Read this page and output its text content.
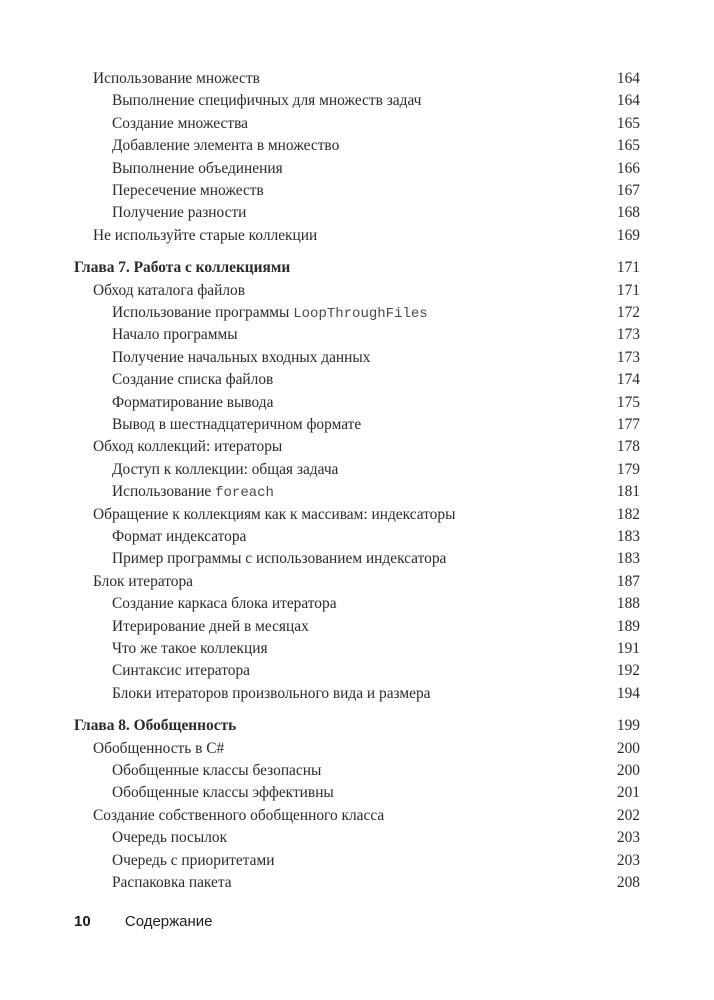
Использование множеств	164
Выполнение специфичных для множеств задач	164
Создание множества	165
Добавление элемента в множество	165
Выполнение объединения	166
Пересечение множеств	167
Получение разности	168
Не используйте старые коллекции	169
Глава 7. Работа с коллекциями	171
Обход каталога файлов	171
Использование программы LoopThroughFiles	172
Начало программы	173
Получение начальных входных данных	173
Создание списка файлов	174
Форматирование вывода	175
Вывод в шестнадцатеричном формате	177
Обход коллекций: итераторы	178
Доступ к коллекции: общая задача	179
Использование foreach	181
Обращение к коллекциям как к массивам: индексаторы	182
Формат индексатора	183
Пример программы с использованием индексатора	183
Блок итератора	187
Создание каркаса блока итератора	188
Итерирование дней в месяцах	189
Что же такое коллекция	191
Синтаксис итератора	192
Блоки итераторов произвольного вида и размера	194
Глава 8. Обобщенность	199
Обобщенность в C#	200
Обобщенные классы безопасны	200
Обобщенные классы эффективны	201
Создание собственного обобщенного класса	202
Очередь посылок	203
Очередь с приоритетами	203
Распаковка пакета	208
10 Содержание
